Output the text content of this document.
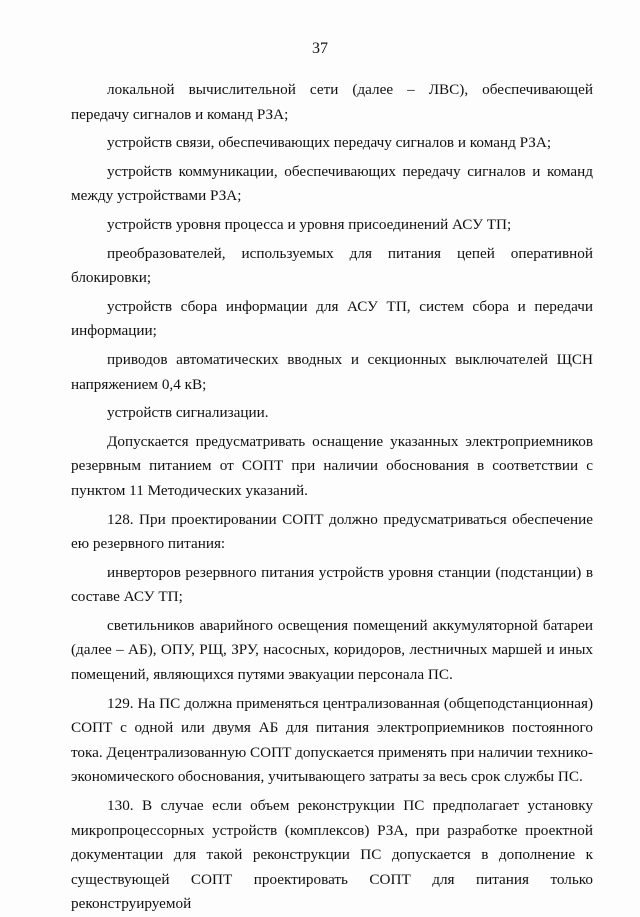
37

локальной вычислительной сети (далее – ЛВС), обеспечивающей передачу сигналов и команд РЗА;

устройств связи, обеспечивающих передачу сигналов и команд РЗА;

устройств коммуникации, обеспечивающих передачу сигналов и команд между устройствами РЗА;

устройств уровня процесса и уровня присоединений АСУ ТП;

преобразователей, используемых для питания цепей оперативной блокировки;

устройств сбора информации для АСУ ТП, систем сбора и передачи информации;

приводов автоматических вводных и секционных выключателей ЩСН напряжением 0,4 кВ;

устройств сигнализации.

Допускается предусматривать оснащение указанных электроприемников резервным питанием от СОПТ при наличии обоснования в соответствии с пунктом 11 Методических указаний.

128. При проектировании СОПТ должно предусматриваться обеспечение ею резервного питания:

инверторов резервного питания устройств уровня станции (подстанции) в составе АСУ ТП;

светильников аварийного освещения помещений аккумуляторной батареи (далее – АБ), ОПУ, РЩ, ЗРУ, насосных, коридоров, лестничных маршей и иных помещений, являющихся путями эвакуации персонала ПС.

129. На ПС должна применяться централизованная (общеподстанционная) СОПТ с одной или двумя АБ для питания электроприемников постоянного тока. Децентрализованную СОПТ допускается применять при наличии технико-экономического обоснования, учитывающего затраты за весь срок службы ПС.

130. В случае если объем реконструкции ПС предполагает установку микропроцессорных устройств (комплексов) РЗА, при разработке проектной документации для такой реконструкции ПС допускается в дополнение к существующей СОПТ проектировать СОПТ для питания только реконструируемой
